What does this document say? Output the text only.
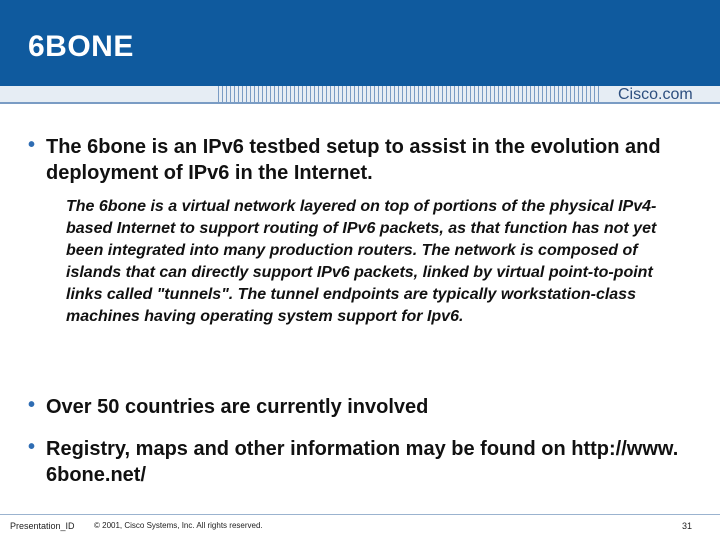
6BONE
Cisco.com
• The 6bone is an IPv6 testbed setup to assist in the evolution and deployment of IPv6 in the Internet.
The 6bone is a virtual network layered on top of portions of the physical IPv4-based Internet to support routing of IPv6 packets, as that function has not yet been integrated into many production routers. The network is composed of islands that can directly support IPv6 packets, linked by virtual point-to-point links called "tunnels". The tunnel endpoints are typically workstation-class machines having operating system support for Ipv6.
• Over 50 countries are currently involved
• Registry, maps and other information may be found on http://www. 6bone.net/
Presentation_ID © 2001, Cisco Systems, Inc. All rights reserved.	31
